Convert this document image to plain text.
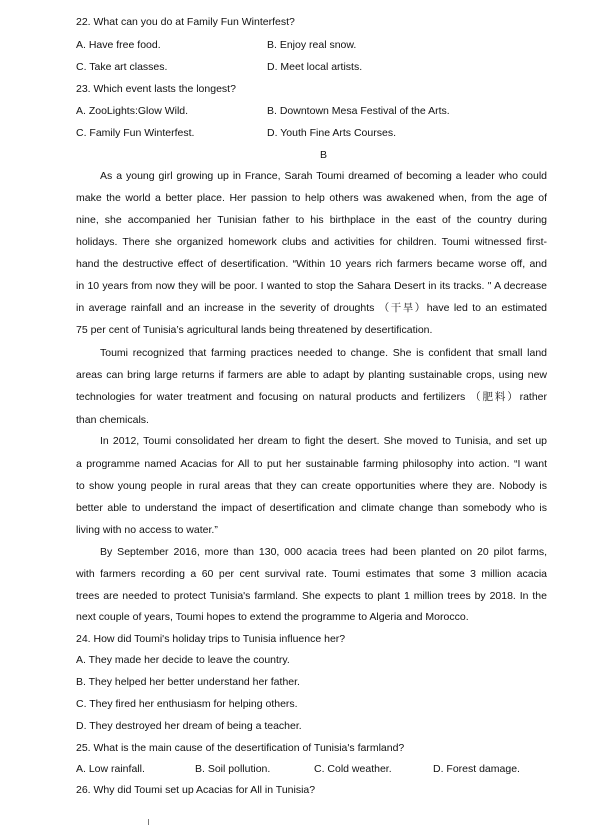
22. What can you do at Family Fun Winterfest?
A. Have free food.	B. Enjoy real snow.
C. Take art classes.	D. Meet local artists.
23. Which event lasts the longest?
A. ZooLights:Glow Wild.	B. Downtown Mesa Festival of the Arts.
C. Family Fun Winterfest.	D. Youth Fine Arts Courses.
B
As a young girl growing up in France, Sarah Toumi dreamed of becoming a leader who could
make the world a better place. Her passion to help others was awakened when, from the age of
nine, she accompanied her Tunisian father to his birthplace in the east of the country during
holidays. There she organized homework clubs and activities for children. Toumi witnessed first-
hand the destructive effect of desertification. “Within 10 years rich farmers became worse off, and
in 10 years from now they will be poor. I wanted to stop the Sahara Desert in its tracks. " A decrease
in average rainfall and an increase in the severity of droughts （干旱）have led to an estimated
75 per cent of Tunisia’s agricultural lands being threatened by desertification.
Toumi recognized that farming practices needed to change. She is confident that small land
areas can bring large returns if farmers are able to adapt by planting sustainable crops, using new
technologies for water treatment and focusing on natural products and fertilizers （肥料）rather
than chemicals.
In 2012, Toumi consolidated her dream to fight the desert. She moved to Tunisia, and set up
a programme named Acacias for All to put her sustainable farming philosophy into action. “I want
to show young people in rural areas that they can create opportunities where they are. Nobody is
better able to understand the impact of desertification and climate change than somebody who is
living with no access to water.”
By September 2016, more than 130, 000 acacia trees had been planted on 20 pilot farms,
with farmers recording a 60 per cent survival rate. Toumi estimates that some 3 million acacia
trees are needed to protect Tunisia's farmland. She expects to plant 1 million trees by 2018. In the
next couple of years, Toumi hopes to extend the programme to Algeria and Morocco.
24. How did Toumi's holiday trips to Tunisia influence her?
A. They made her decide to leave the country.
B. They helped her better understand her father.
C. They fired her enthusiasm for helping others.
D. They destroyed her dream of being a teacher.
25. What is the main cause of the desertification of Tunisia's farmland?
A. Low rainfall.	B. Soil pollution.	C. Cold weather.	D. Forest damage.
26. Why did Toumi set up Acacias for All in Tunisia?
